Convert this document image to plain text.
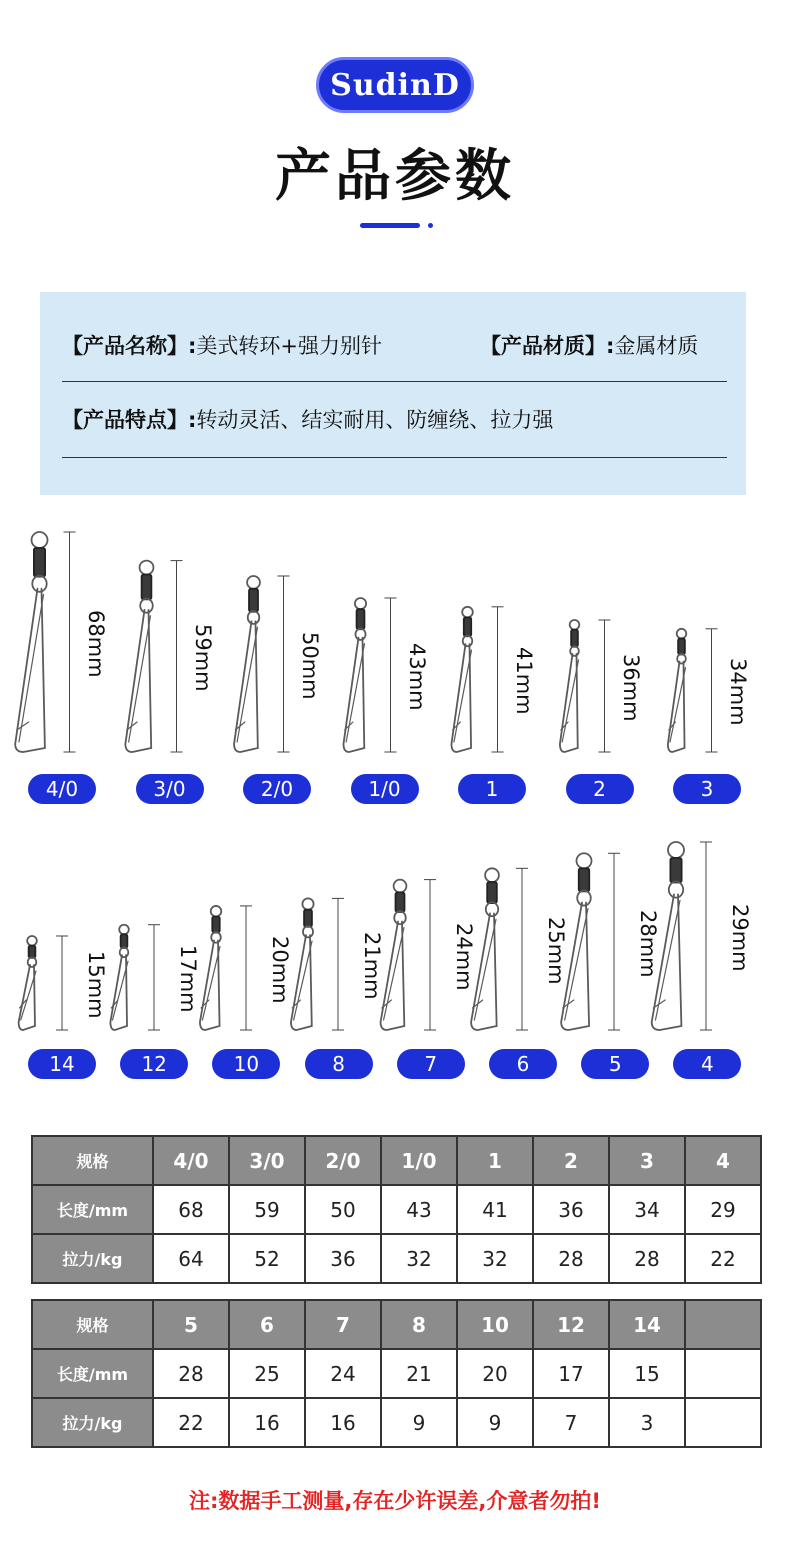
SudinD
产品参数
【产品名称】:美式转环+强力别针	【产品材质】:金属材质
【产品特点】:转动灵活、结实耐用、防缠绕、拉力强
68mm
4/0
59mm
3/0
50mm
2/0
43mm
1/0
41mm
1
36mm
2
34mm
3
15mm
14
17mm
12
20mm
10
21mm
8
24mm
7
25mm
6
28mm
5
29mm
4
规格	4/0	3/0	2/0	1/0	1	2	3	4
长度/mm	68	59	50	43	41	36	34	29
拉力/kg	64	52	36	32	32	28	28	22
规格	5	6	7	8	10	12	14	
长度/mm	28	25	24	21	20	17	15	
拉力/kg	22	16	16	9	9	7	3	
注:数据手工测量,存在少许误差,介意者勿拍!
